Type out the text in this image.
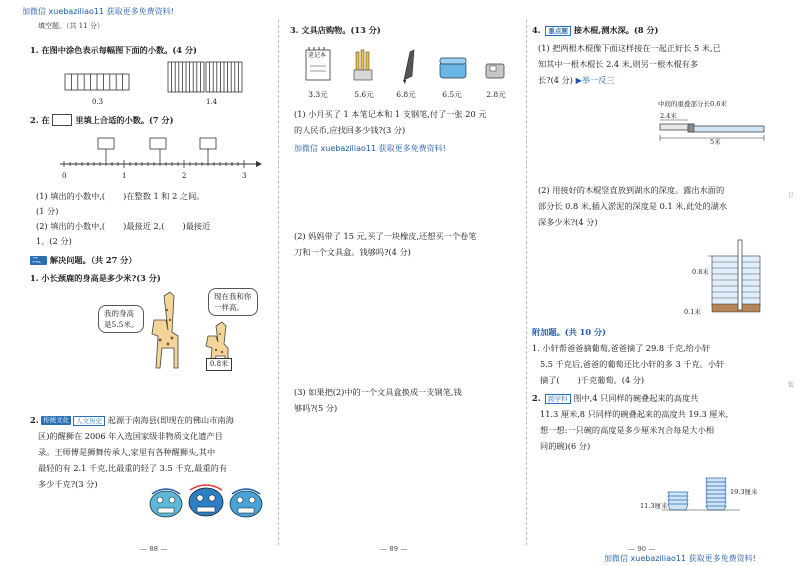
加微信 xuebaziliao11 获取更多免费资料!
填空题。（共 11 分）
1. 在图中涂色表示每幅图下面的小数。(4 分)
0.3	1.4
2. 在	里填上合适的小数。(7 分)
0	1	2	3
(1) 填出的小数中,( )在整数 1 和 2 之间。
(1 分)
(2) 填出的小数中,( )最接近 2,( )最接近
1。(2 分)
二、 解决问题。（共 27 分）
1. 小长颈鹿的身高是多少米?(3 分)
我的身高
是5.5米。
现在我和你
一样高。
0.8米
2. 传统文化 人文历史 起源于南海县(即现在的佛山市南海
区)的醒狮在 2006 年入选国家级非物质文化遗产目
录。王师傅是狮舞传承人,家里有各种醒狮头,其中
最轻的有 2.1 千克,比最重的轻了 3.5 千克,最重的有
多少千克?(3 分)
— 88 —
3. 文具店购物。(13 分)
笔记本
3.3元	5.6元	6.8元	6.5元	2.8元
(1) 小月买了 1 本笔记本和 1 支钢笔,付了一张 20 元
的人民币,应找回多少钱?(3 分)
加微信 xuebaziliao11 获取更多免费资料!
(2) 妈妈带了 15 元,买了一块橡皮,还想买一个卷笔
刀和一个文具盒。钱够吗?(4 分)
(3) 如果把(2)中的一个文具盒换成一支钢笔,钱
够吗?(5 分)
— 89 —
4. 重点题 接木棍,测水深。(8 分)
(1) 把两根木棍像下面这样接在一起正好长 5 米,已
知其中一根木棍长 2.4 米,则另一根木棍有多
长?(4 分) ▶举一反三
中间的重叠部分长0.6米
2.4米
5米
(2) 用接好的木棍竖直放到湖水的深度。露出水面的
部分长 0.8 米,插入淤泥的深度是 0.1 米,此处的湖水
深多少米?(4 分)
0.8米
0.1米
附加题。(共 10 分)
1. 小轩帮爸爸摘葡萄,爸爸摘了 29.8 千克,给小轩
5.5 千克后,爸爸的葡萄还比小轩的多 3 千克。小轩
摘了( )千克葡萄。(4 分)
2. 跨学科 图中,4 只同样的碗叠起来的高度共
11.3 厘米,8 只同样的碗叠起来的高度共 19.3 厘米,
想一想:一只碗的高度是多少厘米?(合每是大小相
同的碗)(6 分)
11.3厘米
19.3厘米
— 90 —
加微信 xuebaziliao11 获取更多免费资料!
订
装
